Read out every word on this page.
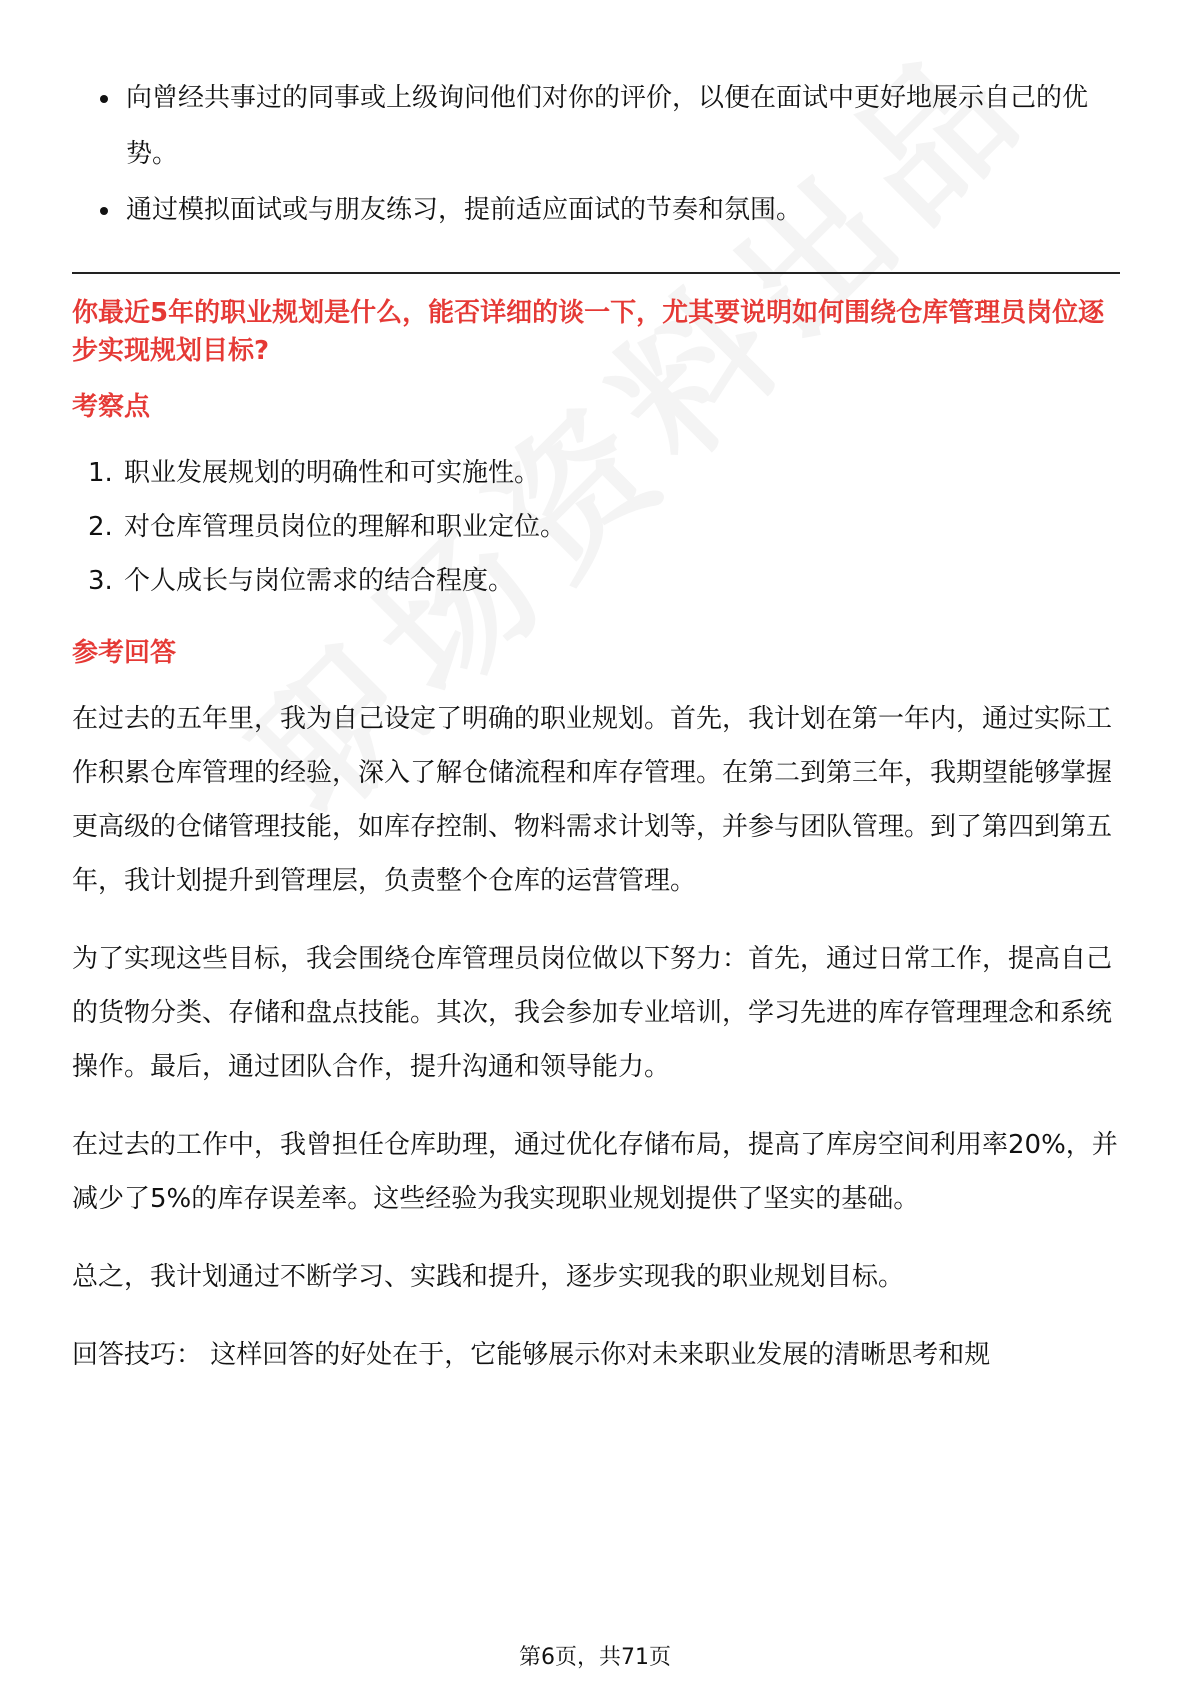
向曾经共事过的同事或上级询问他们对你的评价，以便在面试中更好地展示自己的优势。
通过模拟面试或与朋友练习，提前适应面试的节奏和氛围。

你最近5年的职业规划是什么，能否详细的谈一下，尤其要说明如何围绕仓库管理员岗位逐步实现规划目标?

考察点
1. 职业发展规划的明确性和可实施性。
2. 对仓库管理员岗位的理解和职业定位。
3. 个人成长与岗位需求的结合程度。
参考回答

在过去的五年里，我为自己设定了明确的职业规划。首先，我计划在第一年内，通过实际工作积累仓库管理的经验，深入了解仓储流程和库存管理。在第二到第三年，我期望能够掌握更高级的仓储管理技能，如库存控制、物料需求计划等，并参与团队管理。到了第四到第五年，我计划提升到管理层，负责整个仓库的运营管理。

为了实现这些目标，我会围绕仓库管理员岗位做以下努力：首先，通过日常工作，提高自己的货物分类、存储和盘点技能。其次，我会参加专业培训，学习先进的库存管理理念和系统操作。最后，通过团队合作，提升沟通和领导能力。

在过去的工作中，我曾担任仓库助理，通过优化存储布局，提高了库房空间利用率20%，并减少了5%的库存误差率。这些经验为我实现职业规划提供了坚实的基础。

总之，我计划通过不断学习、实践和提升，逐步实现我的职业规划目标。

回答技巧： 这样回答的好处在于，它能够展示你对未来职业发展的清晰思考和规

第6页，共71页
